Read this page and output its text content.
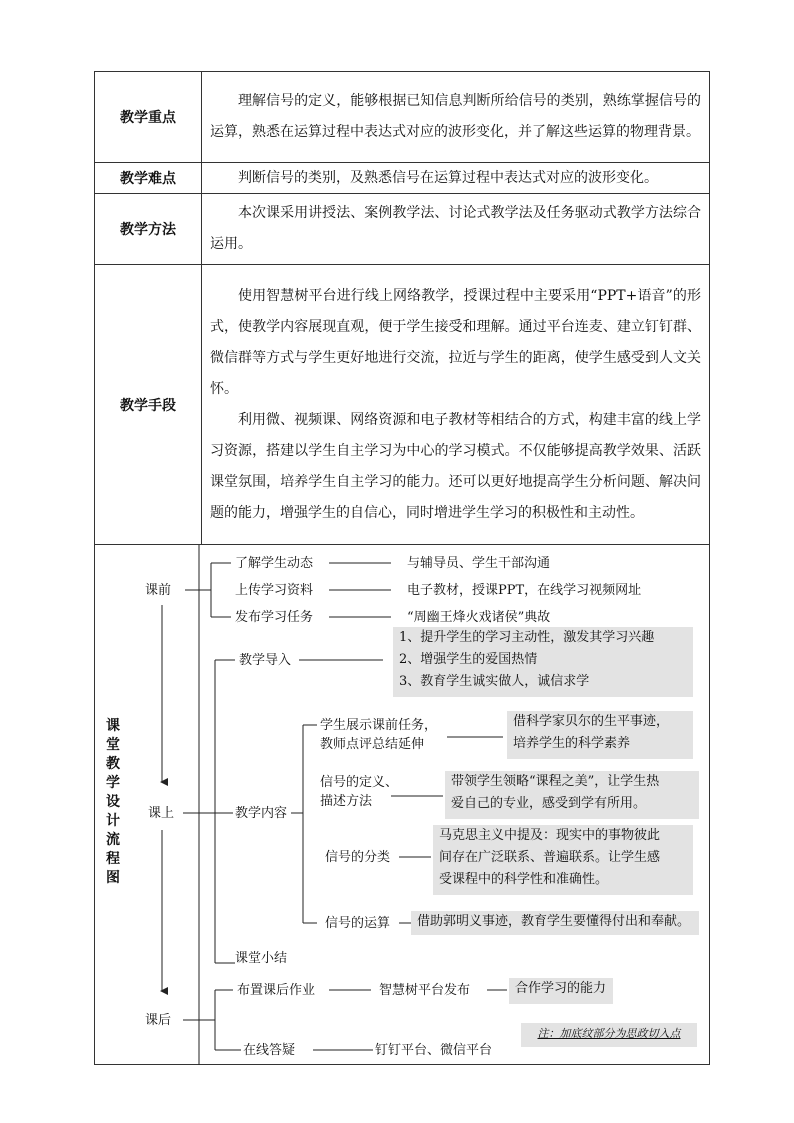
教学重点	理解信号的定义，能够根据已知信息判断所给信号的类别，熟练掌握信号的运算，熟悉在运算过程中表达式对应的波形变化，并了解这些运算的物理背景。

教学难点	判断信号的类别，及熟悉信号在运算过程中表达式对应的波形变化。

教学方法	本次课采用讲授法、案例教学法、讨论式教学法及任务驱动式教学方法综合运用。

教学手段	使用智慧树平台进行线上网络教学，授课过程中主要采用“PPT+语音”的形式，使教学内容展现直观，便于学生接受和理解。通过平台连麦、建立钉钉群、微信群等方式与学生更好地进行交流，拉近与学生的距离，使学生感受到人文关怀。

利用微、视频课、网络资源和电子教材等相结合的方式，构建丰富的线上学习资源，搭建以学生自主学习为中心的学习模式。不仅能够提高教学效果、活跃课堂氛围，培养学生自主学习的能力。还可以更好地提高学生分析问题、解决问题的能力，增强学生的自信心，同时增进学生学习的积极性和主动性。

课堂教学设计流程图
课前
课上
课后
了解学生动态
上传学习资料
发布学习任务
与辅导员、学生干部沟通
电子教材，授课PPT，在线学习视频网址
“周幽王烽火戏诸侯”典故
教学导入
1、提升学生的学习主动性，激发其学习兴趣
2、增强学生的爱国热情
3、教育学生诚实做人，诚信求学
教学内容
学生展示课前任务，
教师点评总结延伸
借科学家贝尔的生平事迹，
培养学生的科学素养
信号的定义、
描述方法
带领学生领略“课程之美”，让学生热
爱自己的专业，感受到学有所用。
信号的分类
马克思主义中提及：现实中的事物彼此
间存在广泛联系、普遍联系。让学生感
受课程中的科学性和准确性。
信号的运算 借助郭明义事迹，教育学生要懂得付出和奉献。
课堂小结
布置课后作业	智慧树平台发布	合作学习的能力
在线答疑	钉钉平台、微信平台
注：加底纹部分为思政切入点
